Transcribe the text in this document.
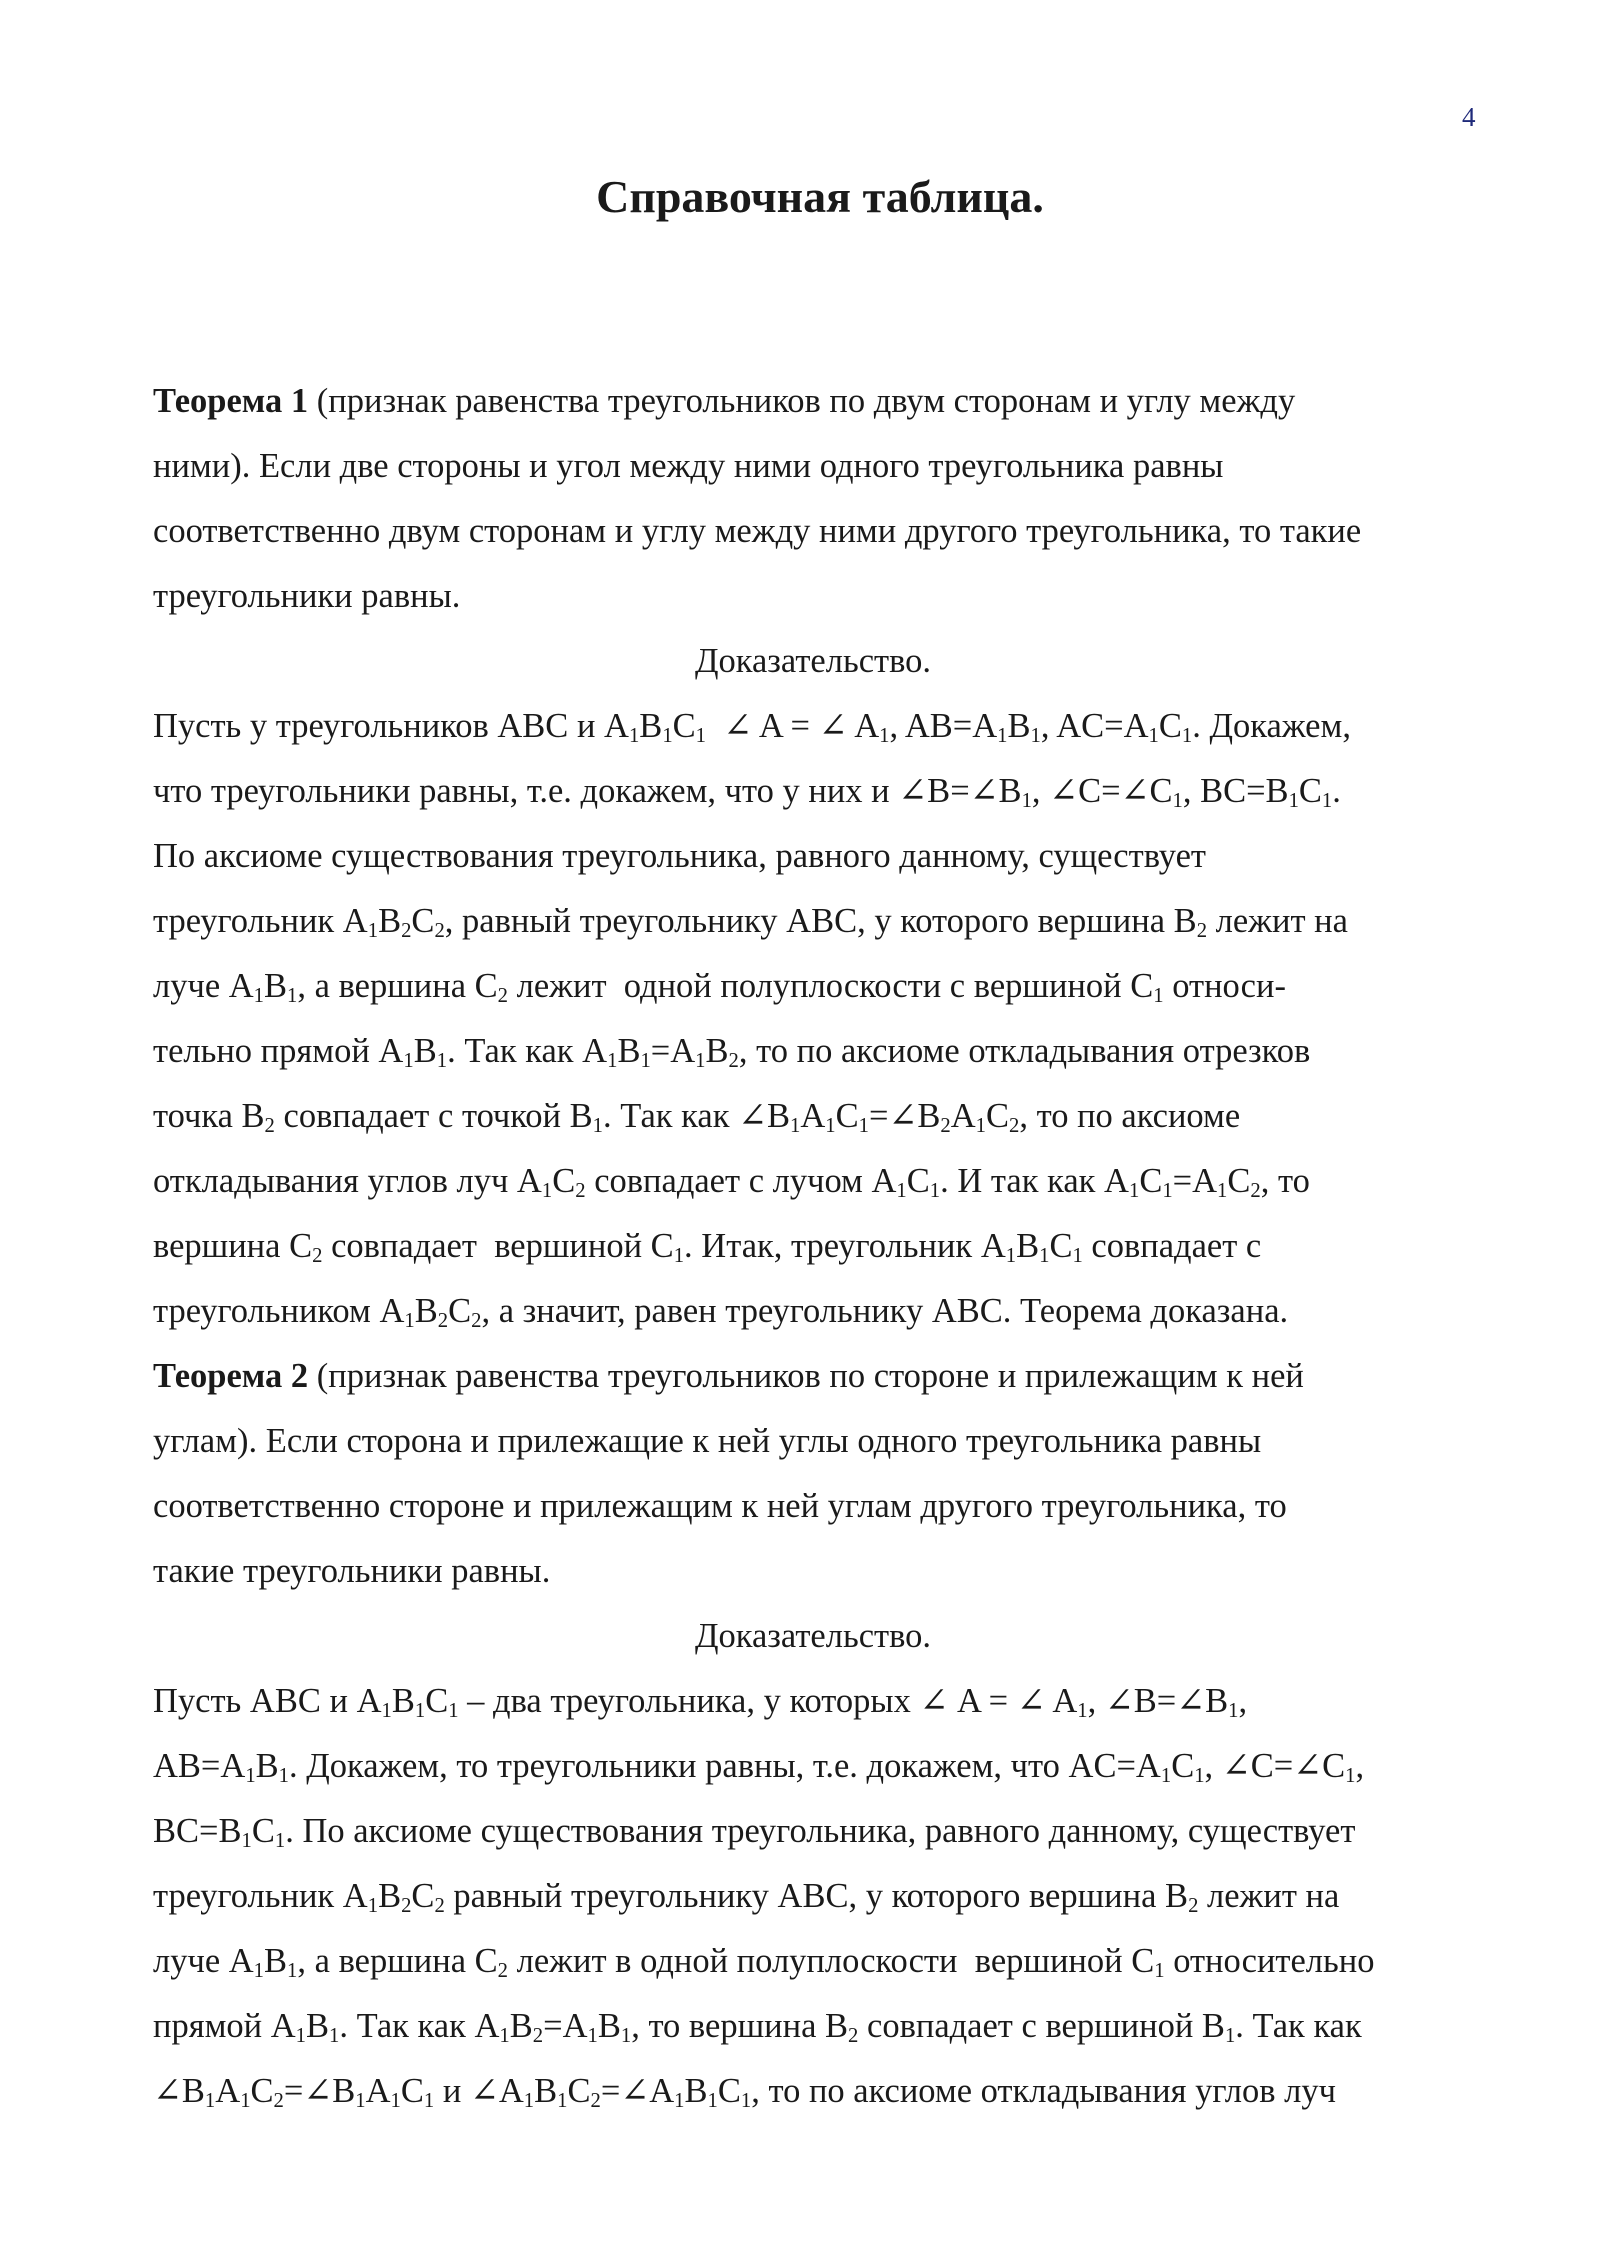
4
Справочная таблица.
Теорема 1 (признак равенства треугольников по двум сторонам и углу между
ними). Если две стороны и угол между ними одного треугольника равны
соответственно двум сторонам и углу между ними другого треугольника, то такие
треугольники равны.
Доказательство.
Пусть у треугольников ABC и $A_1B_1C_1$  ∠ A = ∠ $A_1$, $AB=A_1B_1$, $AC=A_1C_1$. Докажем,
что треугольники равны, т.е. докажем, что у них и $\angle B=\angle B_1$, $\angle C=\angle C_1$, $BC=B_1C_1$.
По аксиоме существования треугольника, равного данному, существует
треугольник $A_1B_2C_2$, равный треугольнику ABC, у которого вершина $B_2$ лежит на
луче $A_1B_1$, а вершина $C_2$ лежит  одной полуплоскости с вершиной $C_1$ относи-
тельно прямой $A_1B_1$. Так как $A_1B_1=A_1B_2$, то по аксиоме откладывания отрезков
точка $B_2$ совпадает с точкой $B_1$. Так как $\angle B_1A_1C_1=\angle B_2A_1C_2$, то по аксиоме
откладывания углов луч $A_1C_2$ совпадает с лучом $A_1C_1$. И так как $A_1C_1=A_1C_2$, то
вершина $C_2$ совпадает  вершиной $C_1$. Итак, треугольник $A_1B_1C_1$ совпадает с
треугольником $A_1B_2C_2$, а значит, равен треугольнику ABC. Теорема доказана.
Теорема 2 (признак равенства треугольников по стороне и прилежащим к ней
углам). Если сторона и прилежащие к ней углы одного треугольника равны
соответственно стороне и прилежащим к ней углам другого треугольника, то
такие треугольники равны.
Доказательство.
Пусть ABC и $A_1B_1C_1$ – два треугольника, у которых ∠ A = ∠ $A_1$, $\angle B=\angle B_1$,
$AB=A_1B_1$. Докажем, то треугольники равны, т.е. докажем, что $AC=A_1C_1$, $\angle C=\angle C_1$,
$BC=B_1C_1$. По аксиоме существования треугольника, равного данному, существует
треугольник $A_1B_2C_2$ равный треугольнику ABC, у которого вершина $B_2$ лежит на
луче $A_1B_1$, а вершина $C_2$ лежит в одной полуплоскости  вершиной $C_1$ относительно
прямой $A_1B_1$. Так как $A_1B_2=A_1B_1$, то вершина $B_2$ совпадает с вершиной $B_1$. Так как
$\angle B_1A_1C_2=\angle B_1A_1C_1$ и $\angle A_1B_1C_2=\angle A_1B_1C_1$, то по аксиоме откладывания углов луч
